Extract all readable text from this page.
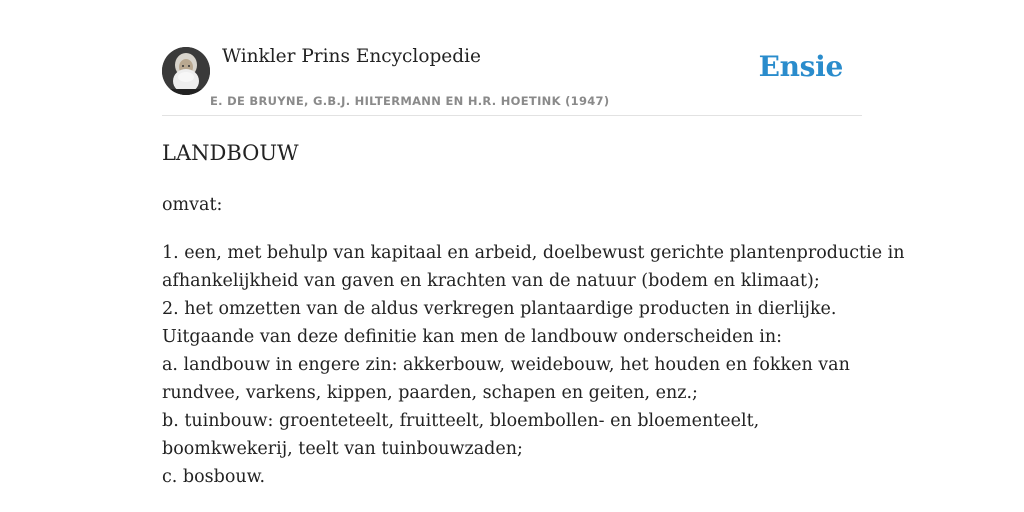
Winkler Prins Encyclopedie
E. DE BRUYNE, G.B.J. HILTERMANN EN H.R. HOETINK (1947)
Ensie
LANDBOUW

omvat:

1. een, met behulp van kapitaal en arbeid, doelbewust gerichte plantenproductie in
afhankelijkheid van gaven en krachten van de natuur (bodem en klimaat);
2. het omzetten van de aldus verkregen plantaardige producten in dierlijke.
Uitgaande van deze definitie kan men de landbouw onderscheiden in:
a. landbouw in engere zin: akkerbouw, weidebouw, het houden en fokken van
rundvee, varkens, kippen, paarden, schapen en geiten, enz.;
b. tuinbouw: groenteteelt, fruitteelt, bloembollen- en bloementeelt,
boomkwekerij, teelt van tuinbouwzaden;
c. bosbouw.
